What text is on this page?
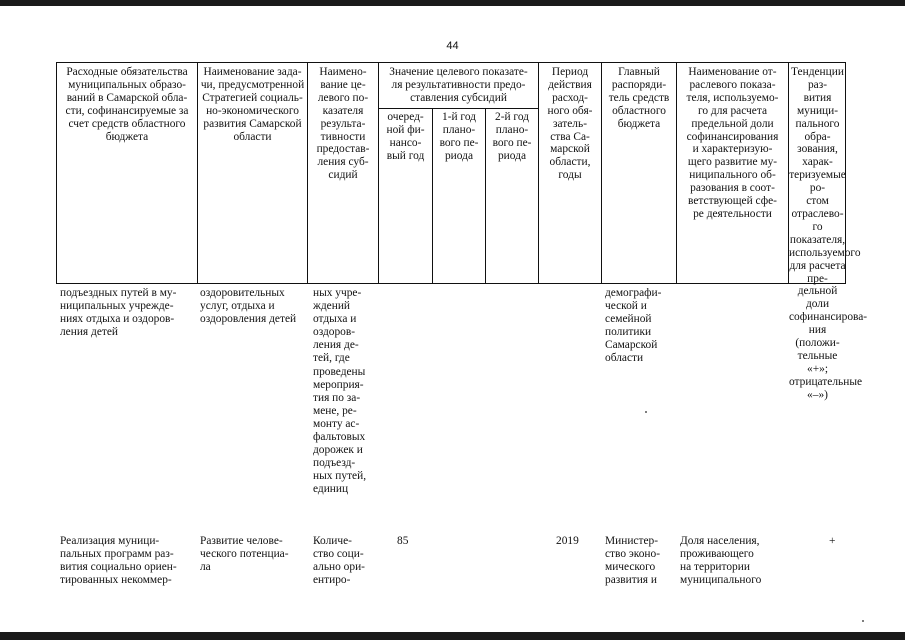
44
Расходные обязательства
муниципальных образо-
ваний в Самарской обла-
сти, софинансируемые за
счет средств областного
бюджета
Наименование зада-
чи, предусмотренной
Стратегией социаль-
но-экономического
развития Самарской
области
Наимено-
вание це-
левого по-
казателя
результа-
тивности
предостав-
ления суб-
сидий
Значение целевого показате-
ля результативности предо-
ставления субсидий
очеред-
ной фи-
нансо-
вый год
1-й год
плано-
вого пе-
риода
2-й год
плано-
вого пе-
риода
Период
действия
расход-
ного обя-
затель-
ства Са-
марской
области,
годы
Главный
распоряди-
тель средств
областного
бюджета
Наименование от-
раслевого показа-
теля, используемо-
го для расчета
предельной доли
софинансирования
и характеризую-
щего развитие му-
ниципального об-
разования в соот-
ветствующей сфе-
ре деятельности
Тенденции раз-
вития муници-
пального обра-
зования, харак-
теризуемые ро-
стом отраслево-
го показателя,
используемого
для расчета пре-
дельной доли
софинансирова-
ния (положи-
тельные «+»;
отрицательные
«–»)
подъездных путей в му-
ниципальных учрежде-
ниях отдыха и оздоров-
ления детей
оздоровительных
услуг, отдыха и
оздоровления детей
ных учре-
ждений
отдыха и
оздоров-
ления де-
тей, где
проведены
мероприя-
тия по за-
мене, ре-
монту ас-
фальтовых
дорожек и
подъезд-
ных путей,
единиц
демографи-
ческой и
семейной
политики
Самарской
области
Реализация муници-
пальных программ раз-
вития социально ориен-
тированных некоммер-
Развитие челове-
ческого потенциа-
ла
Количе-
ство соци-
ально ори-
ентиро-
85	2019	Министер-
ство эконо-
мического
развития и
Доля населения,
проживающего
на территории
муниципального
+
